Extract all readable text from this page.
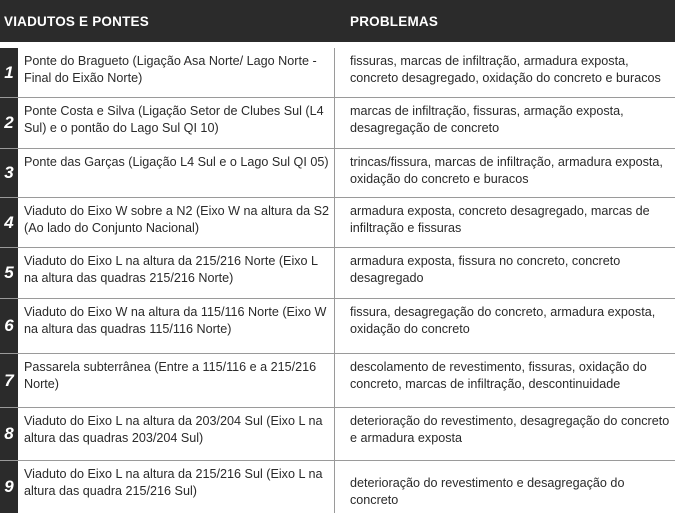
VIADUTOS E PONTES	PROBLEMAS
1
Ponte do Bragueto (Ligação Asa Norte/ Lago Norte - Final do Eixão Norte)
fissuras, marcas de infiltração, armadura exposta, concreto desagregado, oxidação do concreto e buracos
2
Ponte Costa e Silva (Ligação Setor de Clubes Sul (L4 Sul) e o pontão do Lago Sul QI 10)
marcas de infiltração, fissuras, armação exposta, desagregação de concreto
3
Ponte das Garças (Ligação L4 Sul e o Lago Sul QI 05)	trincas/fissura, marcas de infiltração, armadura exposta, oxidação do concreto e buracos
4
Viaduto do Eixo W sobre a N2 (Eixo W na altura da S2 (Ao lado do Conjunto Nacional)
armadura exposta, concreto desagregado, marcas de infiltração e fissuras
5
Viaduto do Eixo L na altura da 215/216 Norte (Eixo L na altura das quadras 215/216 Norte)
armadura exposta, fissura no concreto, concreto desagregado
6
Viaduto do Eixo W na altura da 115/116 Norte (Eixo W na altura das quadras 115/116 Norte)
fissura, desagregação do concreto, armadura exposta, oxidação do concreto
7
Passarela subterrânea (Entre a 115/116 e a 215/216 Norte)
descolamento de revestimento, fissuras, oxidação do concreto, marcas de infiltração, descontinuidade
8
Viaduto do Eixo L na altura da 203/204 Sul (Eixo L na altura das quadras 203/204 Sul)
deterioração do revestimento, desagregação do concreto e armadura exposta
9
Viaduto do Eixo L na altura da 215/216 Sul (Eixo L na altura das quadra 215/216 Sul)
deterioração do revestimento e desagregação do concreto
